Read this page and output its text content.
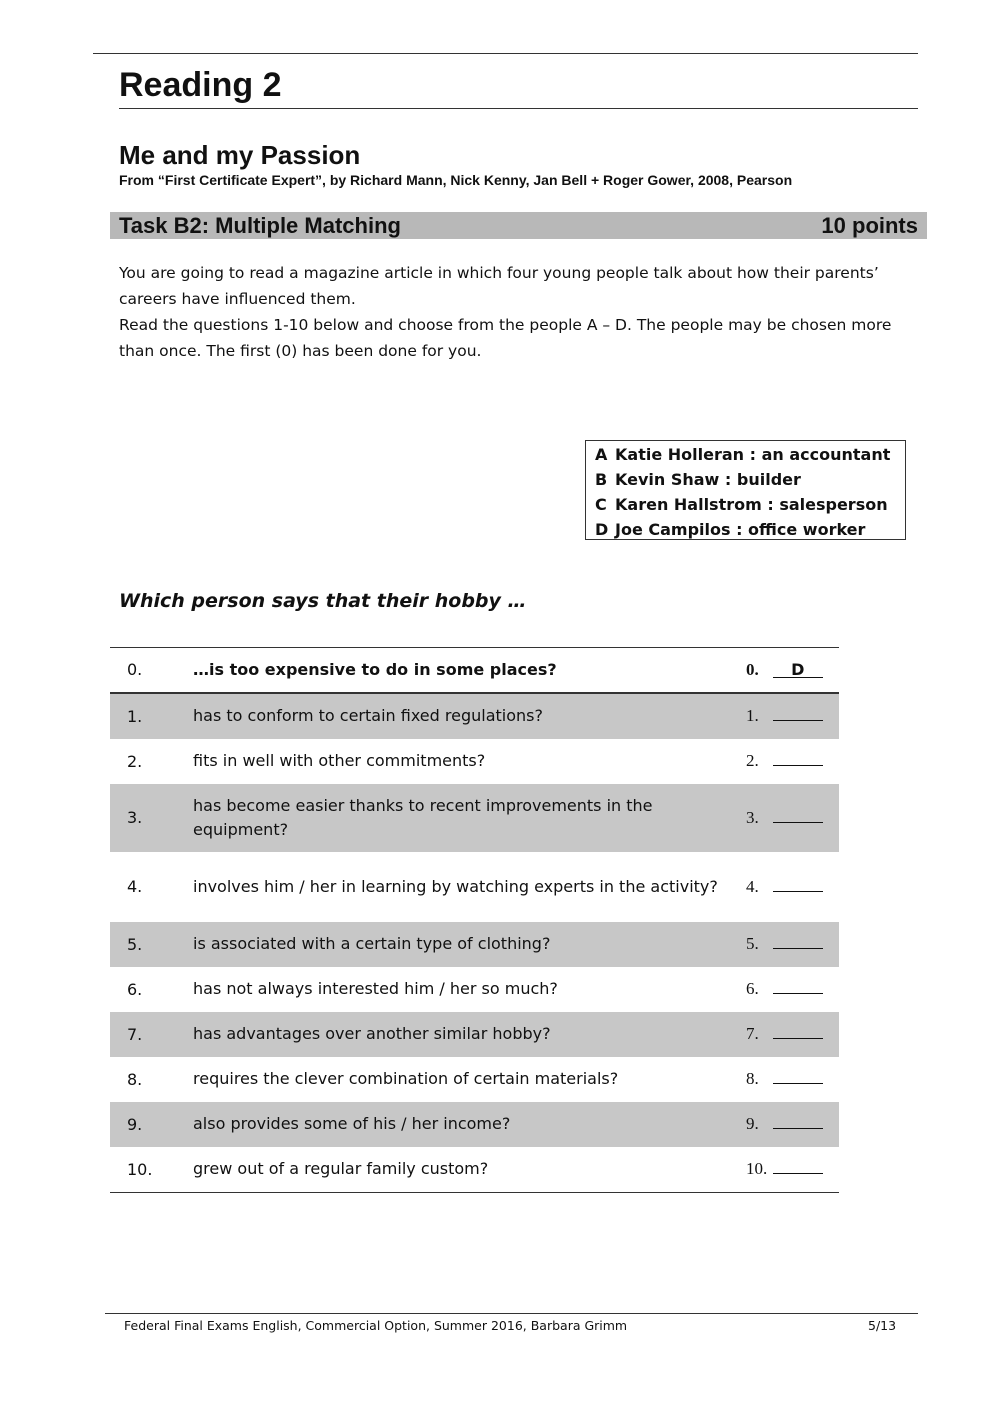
Reading 2
Me and my Passion
From “First Certificate Expert”, by Richard Mann, Nick Kenny, Jan Bell + Roger Gower, 2008, Pearson
Task B2: Multiple Matching	10 points

You are going to read a magazine article in which four young people talk about how their parents’ careers have influenced them.

Read the questions 1-10 below and choose from the people A – D. The people may be chosen more than once. The first (0) has been done for you.

A Katie Holleran : an accountant
B Kevin Shaw : builder
C Karen Hallstrom : salesperson
D Joe Campilos : office worker
Which person says that their hobby …
0.	…is too expensive to do in some places?	0. D
1.	has to conform to certain fixed regulations?	1.
2.	fits in well with other commitments?	2.
3.	has become easier thanks to recent improvements in the equipment?	3.
4.	involves him / her in learning by watching experts in the activity?	4.
5.	is associated with a certain type of clothing?	5.
6.	has not always interested him / her so much?	6.
7.	has advantages over another similar hobby?	7.
8.	requires the clever combination of certain materials?	8.
9.	also provides some of his / her income?	9.
10.	grew out of a regular family custom?	10.
Federal Final Exams English, Commercial Option, Summer 2016, Barbara Grimm	5/13
